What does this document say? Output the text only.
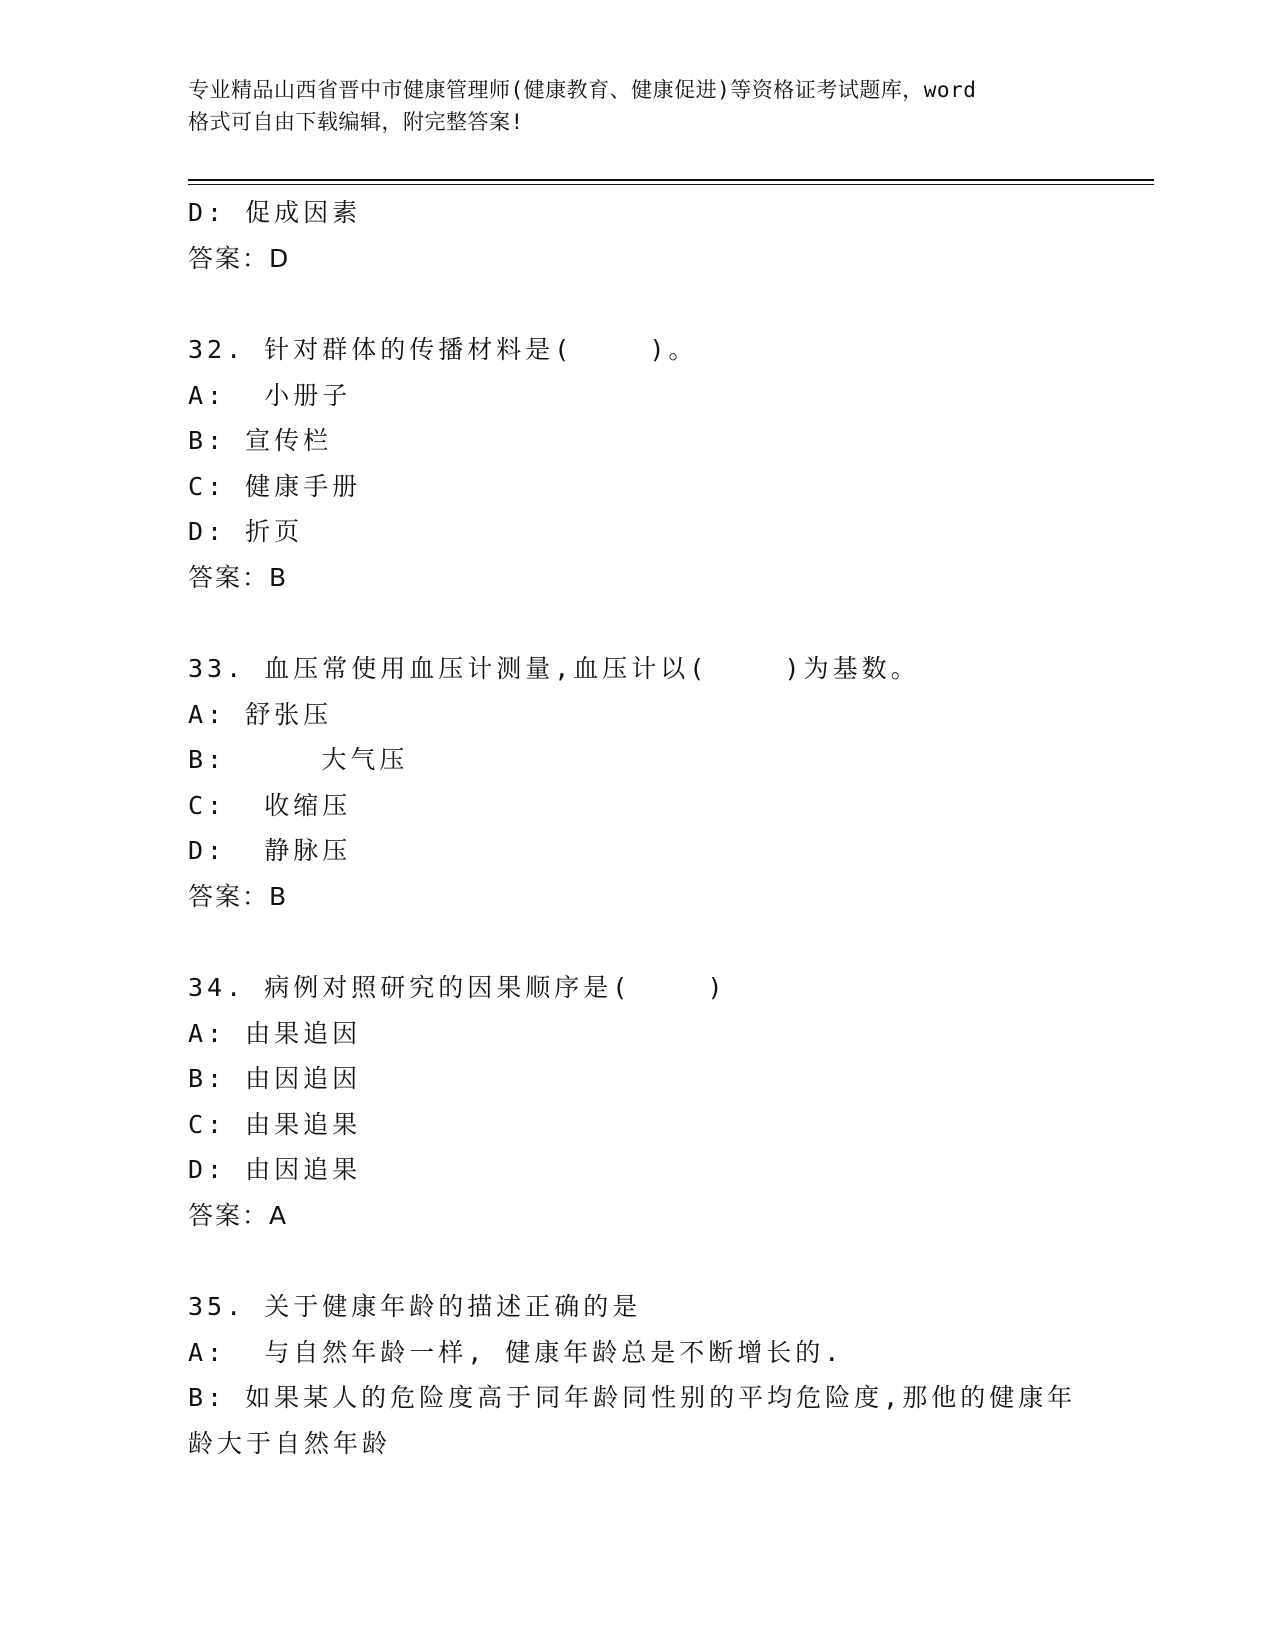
专业精品山西省晋中市健康管理师(健康教育、健康促进)等资格证考试题库，word
格式可自由下载编辑，附完整答案!
D: 促成因素
答案：D
32. 针对群体的传播材料是(    )。
A:  小册子
B: 宣传栏
C: 健康手册
D: 折页
答案：B
33. 血压常使用血压计测量,血压计以(    )为基数。
A: 舒张压
B:     大气压
C:  收缩压
D:  静脉压
答案：B
34. 病例对照研究的因果顺序是(    )
A: 由果追因
B: 由因追因
C: 由果追果
D: 由因追果
答案：A
35. 关于健康年龄的描述正确的是
A:  与自然年龄一样, 健康年龄总是不断增长的.
B: 如果某人的危险度高于同年龄同性别的平均危险度,那他的健康年
龄大于自然年龄
